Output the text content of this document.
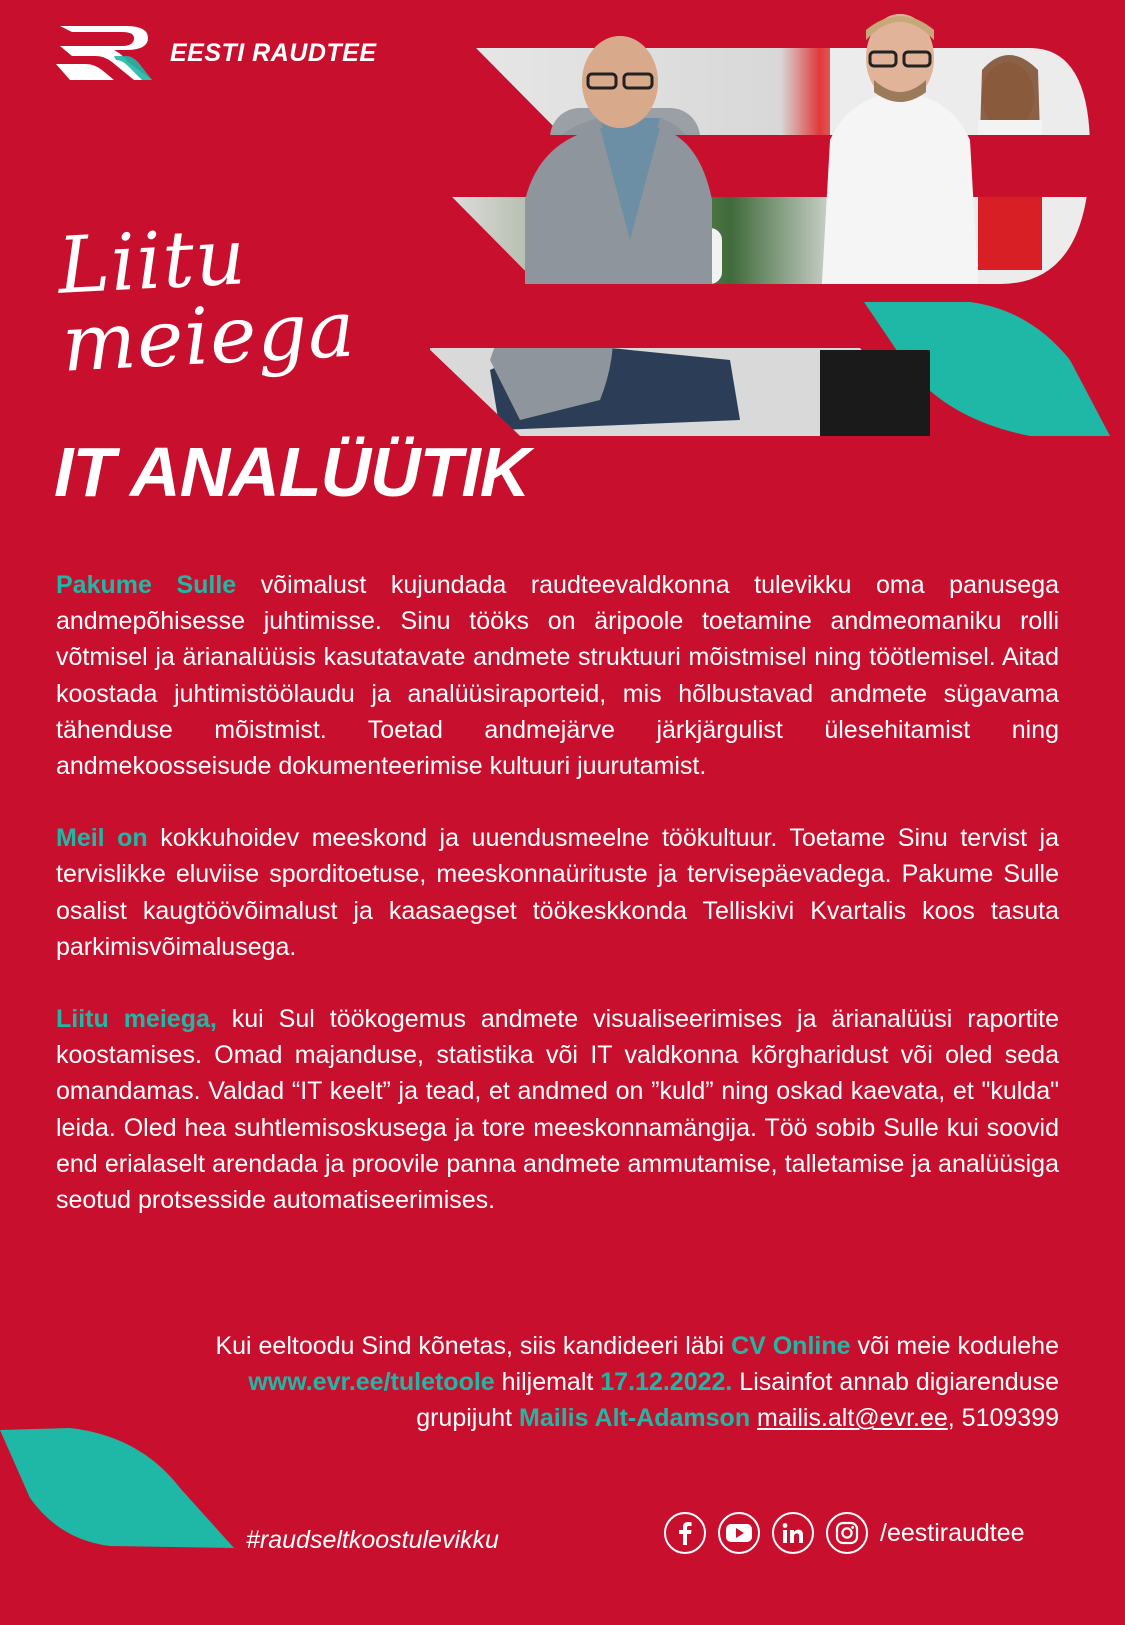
EESTI RAUDTEE
Liitu meiega
IT ANALÜÜTIK

Pakume Sulle võimalust kujundada raudteevaldkonna tulevikku oma panusega andmepõhisesse juhtimisse. Sinu tööks on äripoole toetamine andmeomaniku rolli võtmisel ja ärianalüüsis kasutatavate andmete struktuuri mõistmisel ning töötlemisel. Aitad koostada juhtimistöölaudu ja analüüsiraporteid, mis hõlbustavad andmete sügavama tähenduse mõistmist. Toetad andmejärve järkjärgulist ülesehitamist ning andmekoosseisude dokumenteerimise kultuuri juurutamist.

Meil on kokkuhoidev meeskond ja uuendusmeelne töökultuur. Toetame Sinu tervist ja tervislikke eluviise sporditoetuse, meeskonnaürituste ja tervisepäevadega. Pakume Sulle osalist kaugtöövõimalust ja kaasaegset töökeskkonda Telliskivi Kvartalis koos tasuta parkimisvõimalusega.

Liitu meiega, kui Sul töökogemus andmete visualiseerimises ja ärianalüüsi raportite koostamises. Omad majanduse, statistika või IT valdkonna kõrgharidust või oled seda omandamas. Valdad “IT keelt” ja tead, et andmed on ”kuld” ning oskad kaevata, et "kulda" leida. Oled hea suhtlemisoskusega ja tore meeskonnamängija. Töö sobib Sulle kui soovid end erialaselt arendada ja proovile panna andmete ammutamise, talletamise ja analüüsiga seotud protsesside automatiseerimises.

Kui eeltoodu Sind kõnetas, siis kandideeri läbi CV Online või meie kodulehe
www.evr.ee/tuletoole hiljemalt 17.12.2022. Lisainfot annab digiarenduse
grupijuht Mailis Alt-Adamson mailis.alt@evr.ee, 5109399
#raudseltkoostulevikku	/eestiraudtee
